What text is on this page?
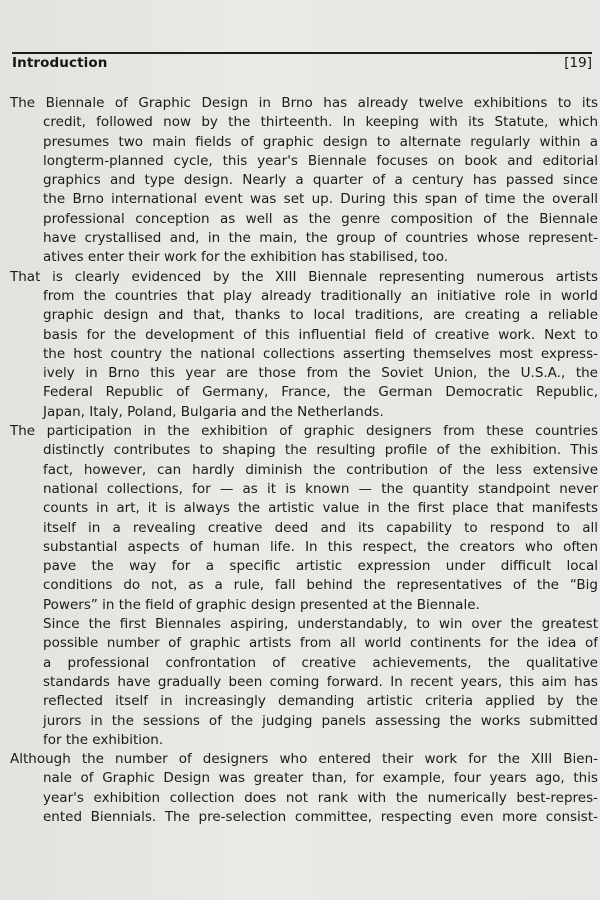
Introduction	[19]
The Biennale of Graphic Design in Brno has already twelve exhibitions to its
credit, followed now by the thirteenth. In keeping with its Statute, which
presumes two main fields of graphic design to alternate regularly within a
longterm-planned cycle, this year's Biennale focuses on book and editorial
graphics and type design. Nearly a quarter of a century has passed since
the Brno international event was set up. During this span of time the overall
professional conception as well as the genre composition of the Biennale
have crystallised and, in the main, the group of countries whose represent-
atives enter their work for the exhibition has stabilised, too.
That is clearly evidenced by the XIII Biennale representing numerous artists
from the countries that play already traditionally an initiative role in world
graphic design and that, thanks to local traditions, are creating a reliable
basis for the development of this influential field of creative work. Next to
the host country the national collections asserting themselves most express-
ively in Brno this year are those from the Soviet Union, the U.S.A., the
Federal Republic of Germany, France, the German Democratic Republic,
Japan, Italy, Poland, Bulgaria and the Netherlands.
The participation in the exhibition of graphic designers from these countries
distinctly contributes to shaping the resulting profile of the exhibition. This
fact, however, can hardly diminish the contribution of the less extensive
national collections, for — as it is known — the quantity standpoint never
counts in art, it is always the artistic value in the first place that manifests
itself in a revealing creative deed and its capability to respond to all
substantial aspects of human life. In this respect, the creators who often
pave the way for a specific artistic expression under difficult local
conditions do not, as a rule, fall behind the representatives of the “Big
Powers” in the field of graphic design presented at the Biennale.
Since the first Biennales aspiring, understandably, to win over the greatest
possible number of graphic artists from all world continents for the idea of
a professional confrontation of creative achievements, the qualitative
standards have gradually been coming forward. In recent years, this aim has
reflected itself in increasingly demanding artistic criteria applied by the
jurors in the sessions of the judging panels assessing the works submitted
for the exhibition.
Although the number of designers who entered their work for the XIII Bien-
nale of Graphic Design was greater than, for example, four years ago, this
year's exhibition collection does not rank with the numerically best-repres-
ented Biennials. The pre-selection committee, respecting even more consist-
